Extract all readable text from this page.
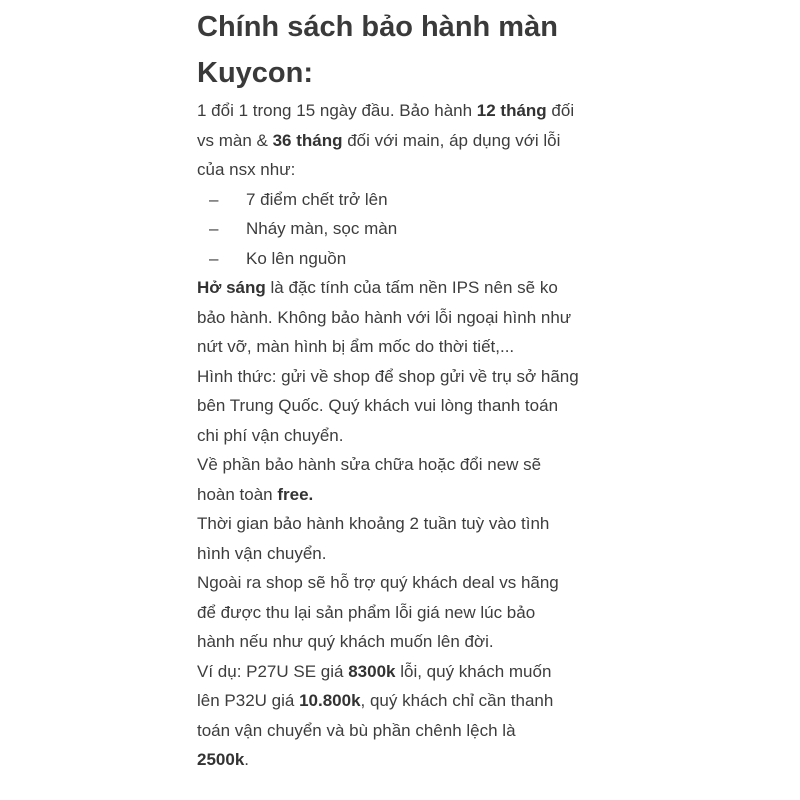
Chính sách bảo hành màn
Kuycon:

1 đổi 1 trong 15 ngày đầu. Bảo hành 12 tháng đối
vs màn & 36 tháng đối với main, áp dụng với lỗi
của nsx như:

–	7 điểm chết trở lên
–	Nháy màn, sọc màn
–	Ko lên nguồn

Hở sáng là đặc tính của tấm nền IPS nên sẽ ko
bảo hành. Không bảo hành với lỗi ngoại hình như
nứt vỡ, màn hình bị ẩm mốc do thời tiết,...

Hình thức: gửi về shop để shop gửi về trụ sở hãng
bên Trung Quốc. Quý khách vui lòng thanh toán
chi phí vận chuyển.

Về phần bảo hành sửa chữa hoặc đổi new sẽ
hoàn toàn free.

Thời gian bảo hành khoảng 2 tuần tuỳ vào tình
hình vận chuyển.

Ngoài ra shop sẽ hỗ trợ quý khách deal vs hãng
để được thu lại sản phẩm lỗi giá new lúc bảo
hành nếu như quý khách muốn lên đời.

Ví dụ: P27U SE giá 8300k lỗi, quý khách muốn
lên P32U giá 10.800k, quý khách chỉ cần thanh
toán vận chuyển và bù phần chênh lệch là
2500k.
